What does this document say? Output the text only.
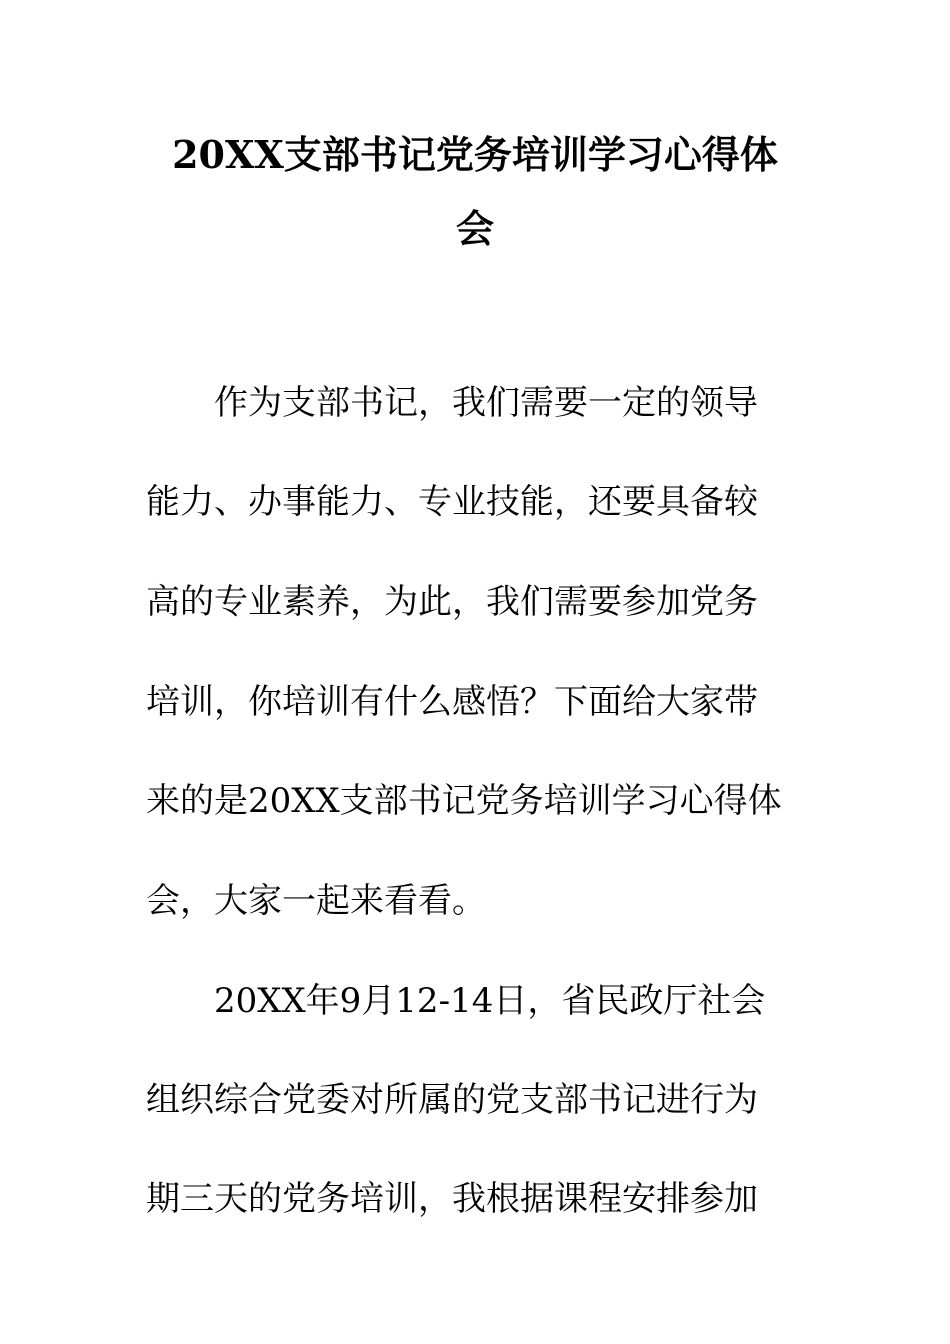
20XX支部书记党务培训学习心得体
会
作为支部书记，我们需要一定的领导
能力、办事能力、专业技能，还要具备较
高的专业素养，为此，我们需要参加党务
培训，你培训有什么感悟？下面给大家带
来的是20XX支部书记党务培训学习心得体
会，大家一起来看看。
20XX年9月12-14日，省民政厅社会
组织综合党委对所属的党支部书记进行为
期三天的党务培训，我根据课程安排参加
